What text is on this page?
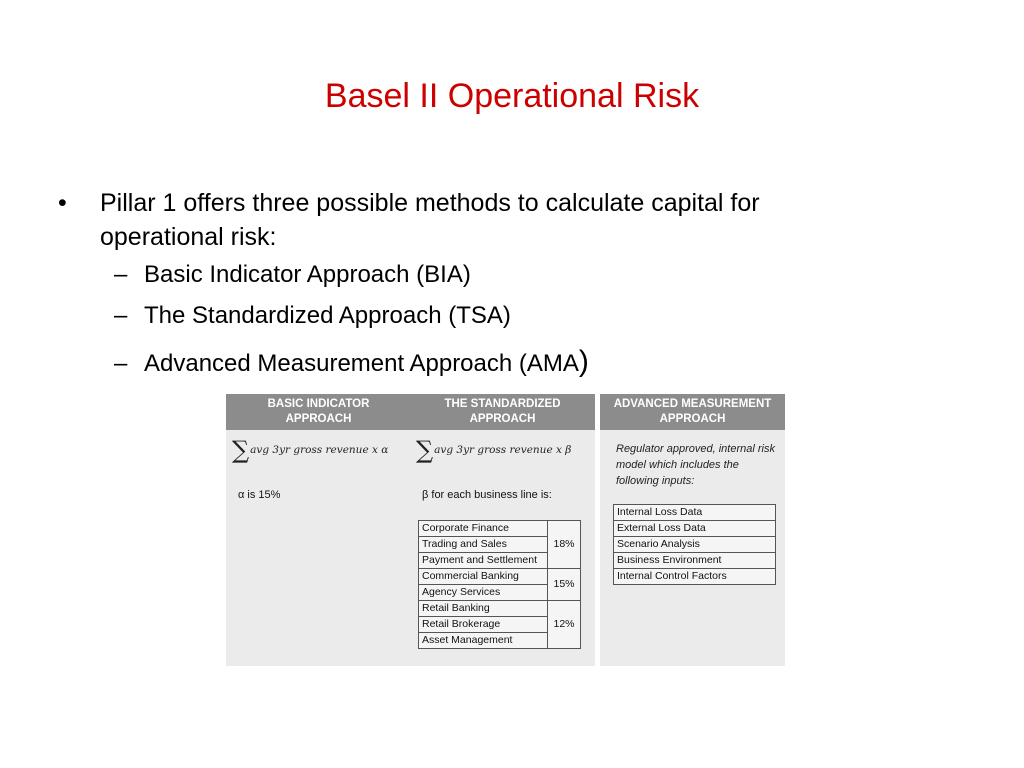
Basel II Operational Risk
•	Pillar 1 offers three possible methods to calculate capital for operational risk:
– Basic Indicator Approach (BIA)
– The Standardized Approach (TSA)
– Advanced Measurement Approach (AMA)
BASIC INDICATOR
APPROACH
∑avg 3yr gross revenue x α
α is 15%
THE STANDARDIZED
APPROACH
∑avg 3yr gross revenue x β
β for each business line is:
Corporate Finance	18%
Trading and Sales	
Payment and Settlement	
Commercial Banking	15%
Agency Services	
Retail Banking	12%
Retail Brokerage	
Asset Management	
ADVANCED MEASUREMENT
APPROACH
Regulator approved, internal risk model which includes the following inputs:
Internal Loss Data
External Loss Data
Scenario Analysis
Business Environment
Internal Control Factors
